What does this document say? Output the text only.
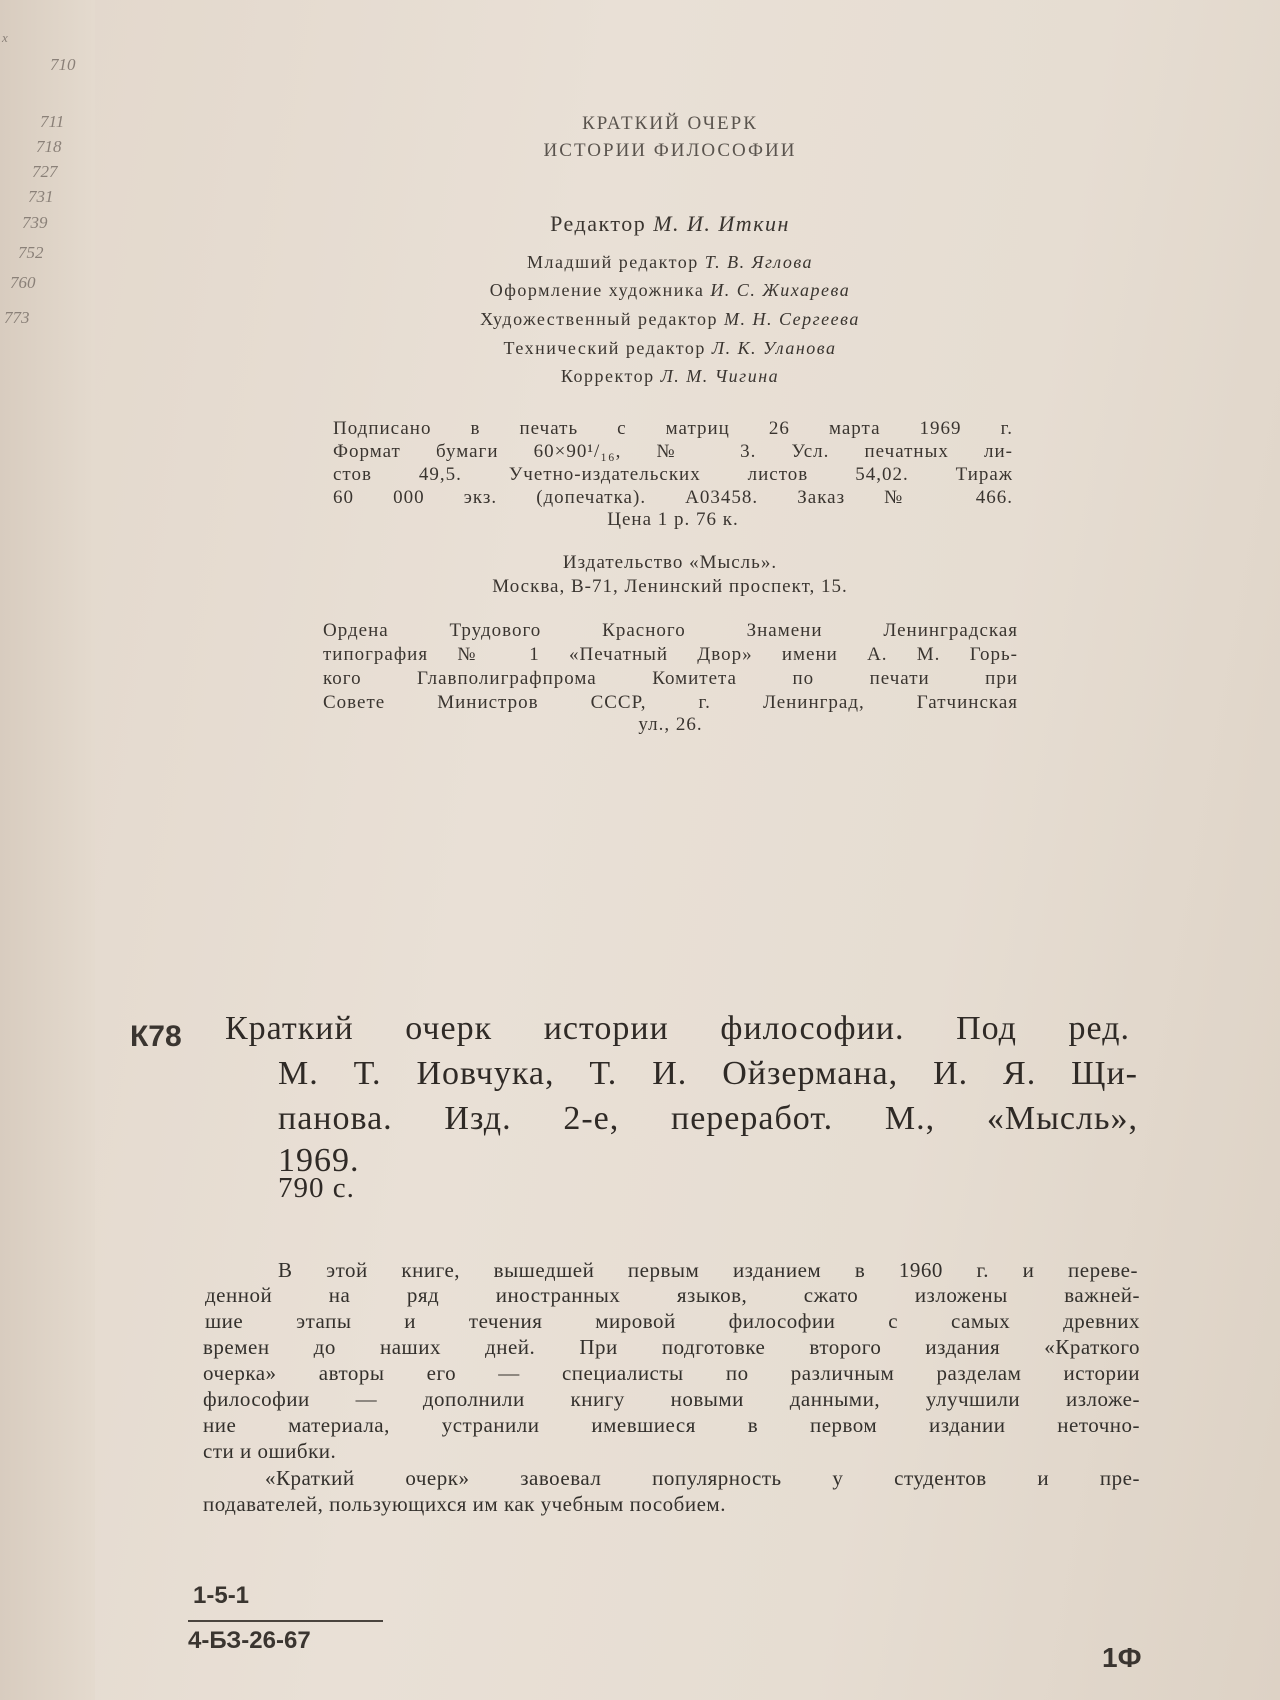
x
710
711
718
727
731
739
752
760
773
КРАТКИЙ ОЧЕРК
ИСТОРИИ ФИЛОСОФИИ
Редактор М. И. Иткин
Младший редактор Т. В. Яглова
Оформление художника И. С. Жихарева
Художественный редактор М. Н. Сергеева
Технический редактор Л. К. Уланова
Корректор Л. М. Чигина
Подписано в печать с матриц 26 марта 1969 г.
Формат бумаги 60×90¹/₁₆, № 3. Усл. печатных ли-
стов 49,5. Учетно-издательских листов 54,02. Тираж
60 000 экз. (допечатка). А03458. Заказ № 466.
Цена 1 р. 76 к.
Издательство «Мысль».
Москва, В-71, Ленинский проспект, 15.
Ордена Трудового Красного Знамени Ленинградская
типография № 1 «Печатный Двор» имени А. М. Горь-
кого Главполиграфпрома Комитета по печати при
Совете Министров СССР, г. Ленинград, Гатчинская
ул., 26.
К78 Краткий очерк истории философии. Под ред.
М. Т. Иовчука, Т. И. Ойзермана, И. Я. Щи-
панова. Изд. 2-е, переработ. М., «Мысль»,
1969.
790 с.
В этой книге, вышедшей первым изданием в 1960 г. и переве-
денной на ряд иностранных языков, сжато изложены важней-
шие этапы и течения мировой философии с самых древних
времен до наших дней. При подготовке второго издания «Краткого
очерка» авторы его — специалисты по различным разделам истории
философии — дополнили книгу новыми данными, улучшили изложе-
ние материала, устранили имевшиеся в первом издании неточно-
сти и ошибки.
«Краткий очерк» завоевал популярность у студентов и пре-
подавателей, пользующихся им как учебным пособием.
1-5-1
4-БЗ-26-67
1Ф
